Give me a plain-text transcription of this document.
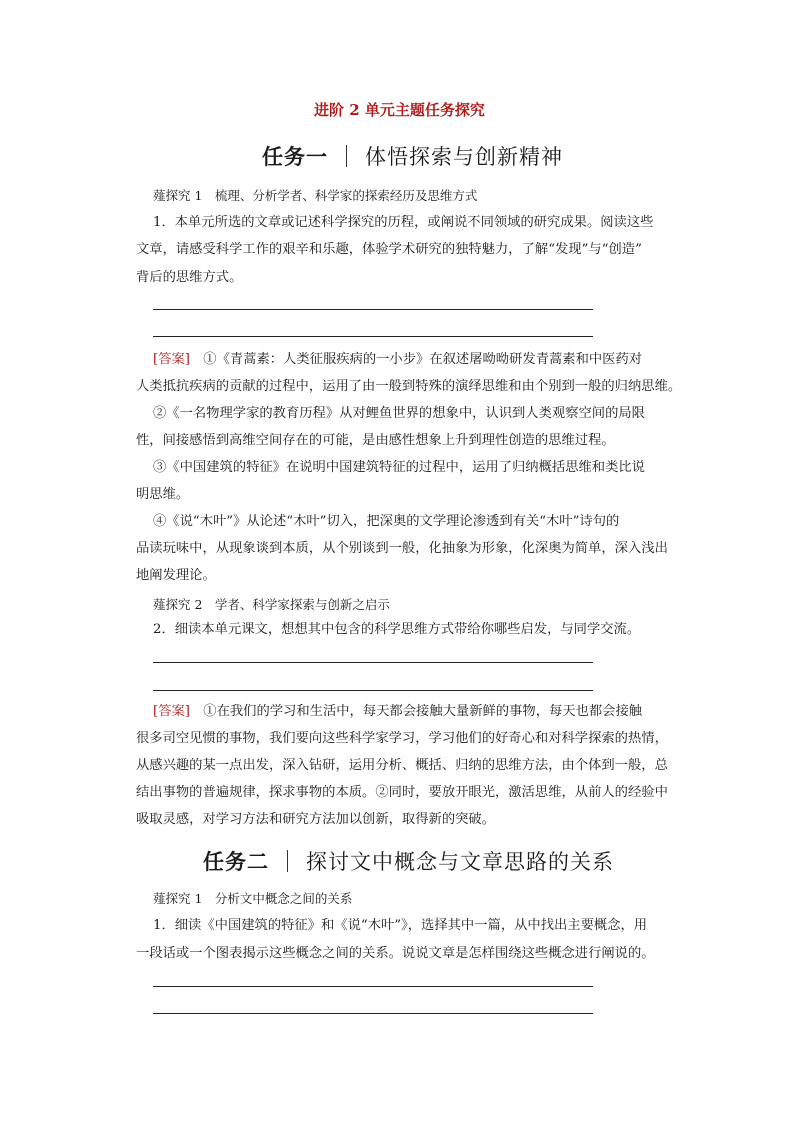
进阶 2 单元主题任务探究
任务一 体悟探索与创新精神
薤探究 1　梳理、分析学者、科学家的探索经历及思维方式

1．本单元所选的文章或记述科学探究的历程，或阐说不同领域的研究成果。阅读这些

文章，请感受科学工作的艰辛和乐趣，体验学术研究的独特魅力，了解“发现”与“创造”
背后的思维方式。
[答案]　 ①《青蒿素：人类征服疾病的一小步》在叙述屠呦呦研发青蒿素和中医药对
人类抵抗疾病的贡献的过程中，运用了由一般到特殊的演绎思维和由个别到一般的归纳思维。
②《一名物理学家的教育历程》从对鲤鱼世界的想象中，认识到人类观察空间的局限
性，间接感悟到高维空间存在的可能，是由感性想象上升到理性创造的思维过程。
③《中国建筑的特征》在说明中国建筑特征的过程中，运用了归纳概括思维和类比说
明思维。
④《说“木叶”》从论述“木叶”切入，把深奥的文学理论渗透到有关“木叶”诗句的
品读玩味中，从现象谈到本质，从个别谈到一般，化抽象为形象，化深奥为简单，深入浅出
地阐发理论。
薤探究 2　学者、科学家探索与创新之启示
2．细读本单元课文，想想其中包含的科学思维方式带给你哪些启发，与同学交流。
[答案]　 ①在我们的学习和生活中，每天都会接触大量新鲜的事物，每天也都会接触
很多司空见惯的事物，我们要向这些科学家学习，学习他们的好奇心和对科学探索的热情，
从感兴趣的某一点出发，深入钻研，运用分析、概括、归纳的思维方法，由个体到一般，总
结出事物的普遍规律，探求事物的本质。②同时，要放开眼光，激活思维，从前人的经验中
吸取灵感，对学习方法和研究方法加以创新，取得新的突破。
任务二 探讨文中概念与文章思路的关系
薤探究 1　分析文中概念之间的关系
1．细读《中国建筑的特征》和《说“木叶”》，选择其中一篇，从中找出主要概念，用
一段话或一个图表揭示这些概念之间的关系。说说文章是怎样围绕这些概念进行阐说的。
